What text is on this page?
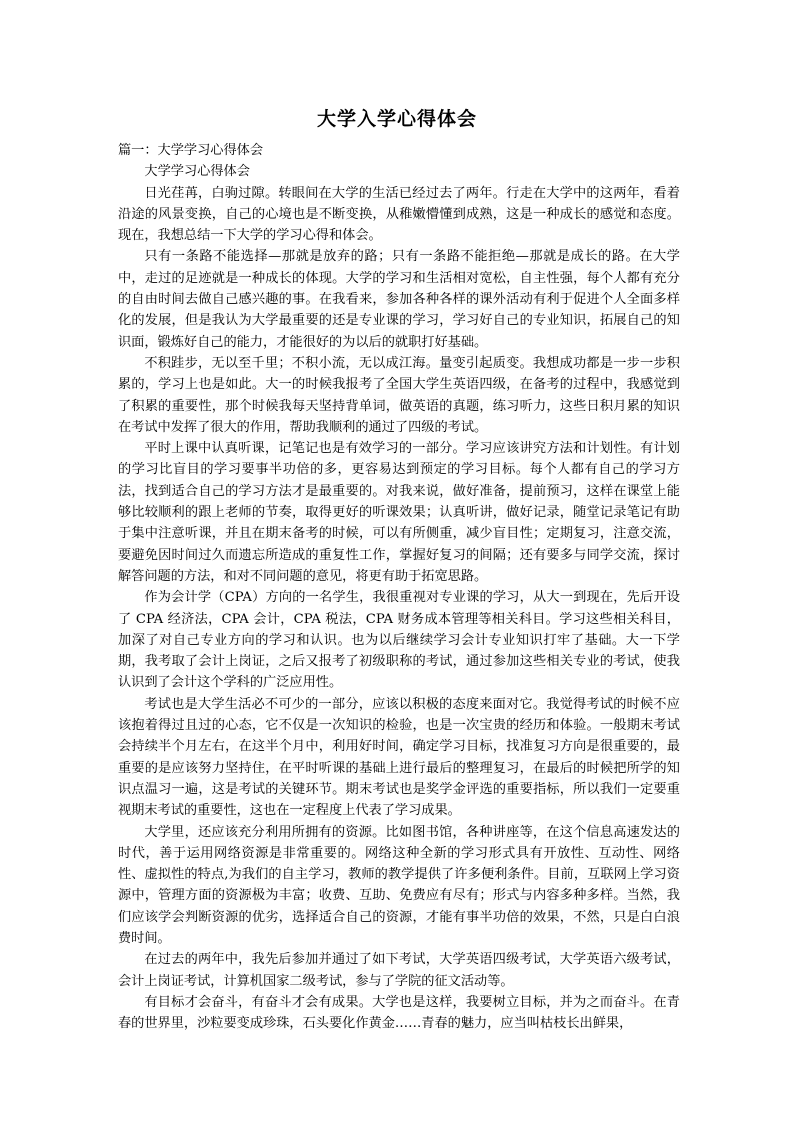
大学入学心得体会

篇一：大学学习心得体会

大学学习心得体会

日光荏苒，白驹过隙。转眼间在大学的生活已经过去了两年。行走在大学中的这两年，看着沿途的风景变换，自己的心境也是不断变换，从稚嫩懵懂到成熟，这是一种成长的感觉和态度。现在，我想总结一下大学的学习心得和体会。

只有一条路不能选择—那就是放弃的路；只有一条路不能拒绝—那就是成长的路。在大学中，走过的足迹就是一种成长的体现。大学的学习和生活相对宽松，自主性强，每个人都有充分的自由时间去做自己感兴趣的事。在我看来，参加各种各样的课外活动有利于促进个人全面多样化的发展，但是我认为大学最重要的还是专业课的学习，学习好自己的专业知识，拓展自己的知识面，锻炼好自己的能力，才能很好的为以后的就职打好基础。

不积跬步，无以至千里；不积小流，无以成江海。量变引起质变。我想成功都是一步一步积累的，学习上也是如此。大一的时候我报考了全国大学生英语四级，在备考的过程中，我感觉到了积累的重要性，那个时候我每天坚持背单词，做英语的真题，练习听力，这些日积月累的知识在考试中发挥了很大的作用，帮助我顺利的通过了四级的考试。

平时上课中认真听课，记笔记也是有效学习的一部分。学习应该讲究方法和计划性。有计划的学习比盲目的学习要事半功倍的多，更容易达到预定的学习目标。每个人都有自己的学习方法，找到适合自己的学习方法才是最重要的。对我来说，做好准备，提前预习，这样在课堂上能够比较顺利的跟上老师的节奏，取得更好的听课效果；认真听讲，做好记录，随堂记录笔记有助于集中注意听课，并且在期末备考的时候，可以有所侧重，减少盲目性；定期复习，注意交流，要避免因时间过久而遗忘所造成的重复性工作，掌握好复习的间隔；还有要多与同学交流，探讨解答问题的方法，和对不同问题的意见，将更有助于拓宽思路。

作为会计学（CPA）方向的一名学生，我很重视对专业课的学习，从大一到现在，先后开设了 CPA 经济法，CPA 会计，CPA 税法，CPA 财务成本管理等相关科目。学习这些相关科目，加深了对自己专业方向的学习和认识。也为以后继续学习会计专业知识打牢了基础。大一下学期，我考取了会计上岗证，之后又报考了初级职称的考试，通过参加这些相关专业的考试，使我认识到了会计这个学科的广泛应用性。

考试也是大学生活必不可少的一部分，应该以积极的态度来面对它。我觉得考试的时候不应该抱着得过且过的心态，它不仅是一次知识的检验，也是一次宝贵的经历和体验。一般期末考试会持续半个月左右，在这半个月中，利用好时间，确定学习目标，找准复习方向是很重要的，最重要的是应该努力坚持住，在平时听课的基础上进行最后的整理复习，在最后的时候把所学的知识点温习一遍，这是考试的关键环节。期末考试也是奖学金评选的重要指标，所以我们一定要重视期末考试的重要性，这也在一定程度上代表了学习成果。

大学里，还应该充分利用所拥有的资源。比如图书馆，各种讲座等，在这个信息高速发达的时代，善于运用网络资源是非常重要的。网络这种全新的学习形式具有开放性、互动性、网络性、虚拟性的特点,为我们的自主学习，教师的教学提供了许多便利条件。目前，互联网上学习资源中，管理方面的资源极为丰富；收费、互助、免费应有尽有；形式与内容多种多样。当然，我们应该学会判断资源的优劣，选择适合自己的资源，才能有事半功倍的效果，不然，只是白白浪费时间。

在过去的两年中，我先后参加并通过了如下考试，大学英语四级考试，大学英语六级考试，会计上岗证考试，计算机国家二级考试，参与了学院的征文活动等。

有目标才会奋斗，有奋斗才会有成果。大学也是这样，我要树立目标，并为之而奋斗。在青春的世界里，沙粒要变成珍珠，石头要化作黄金……青春的魅力，应当叫枯枝长出鲜果，
